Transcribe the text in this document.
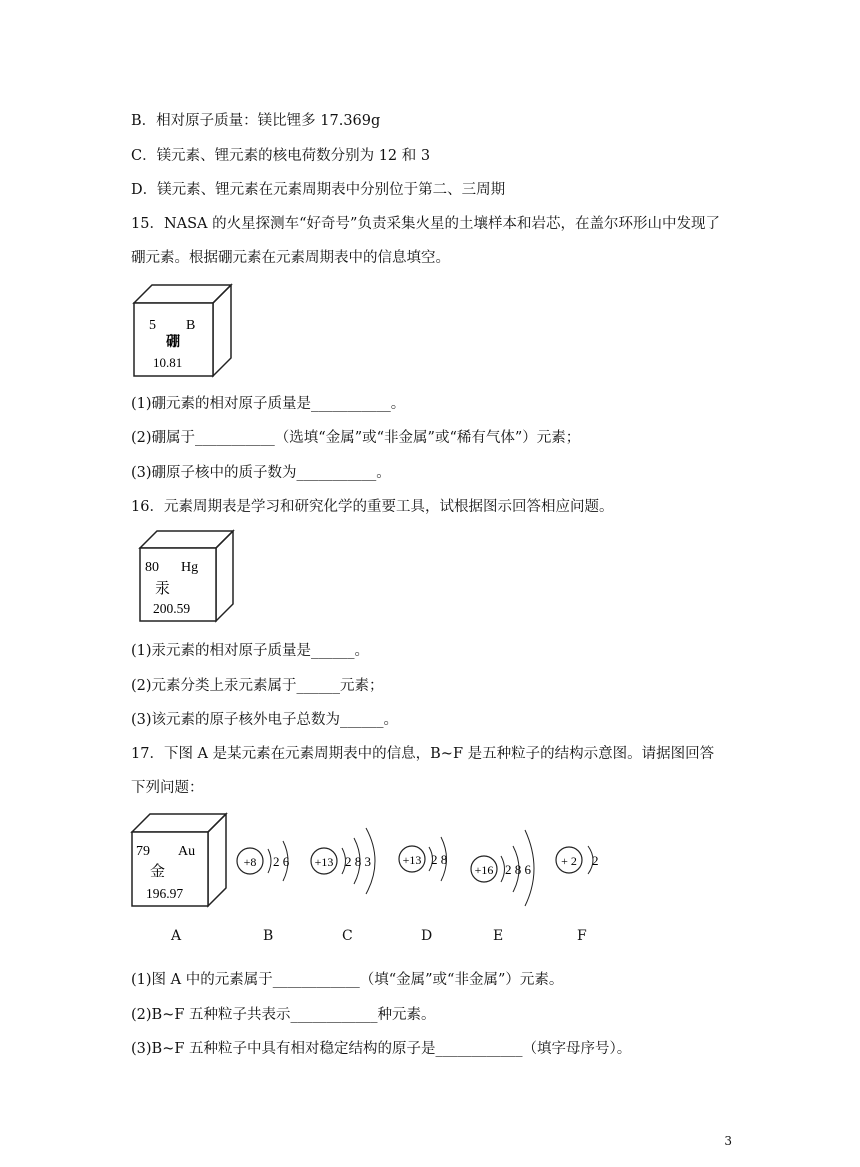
B．相对原子质量：镁比锂多 17.369g
C．镁元素、锂元素的核电荷数分别为 12 和 3
D．镁元素、锂元素在元素周期表中分别位于第二、三周期
15．NASA 的火星探测车“好奇号”负责采集火星的土壤样本和岩芯，在盖尔环形山中发现了
硼元素。根据硼元素在元素周期表中的信息填空。
5 B
硼
10.81
(1)硼元素的相对原子质量是___________。
(2)硼属于___________（选填“金属”或“非金属”或“稀有气体”）元素；
(3)硼原子核中的质子数为___________。
16．元素周期表是学习和研究化学的重要工具，试根据图示回答相应问题。
80 Hg
汞
200.59
(1)汞元素的相对原子质量是______。
(2)元素分类上汞元素属于______元素；
(3)该元素的原子核外电子总数为______。
17．下图 A 是某元素在元素周期表中的信息，B~F 是五种粒子的结构示意图。请据图回答
下列问题：
79 Au
金
196.97
+8 2 6 +13 2 8 3	+13 2 8
+16 2 8 6
+ 2 2
A	B	C	D	E	F
(1)图 A 中的元素属于____________（填“金属”或“非金属”）元素。
(2)B~F 五种粒子共表示____________种元素。
(3)B~F 五种粒子中具有相对稳定结构的原子是____________（填字母序号）。
3
